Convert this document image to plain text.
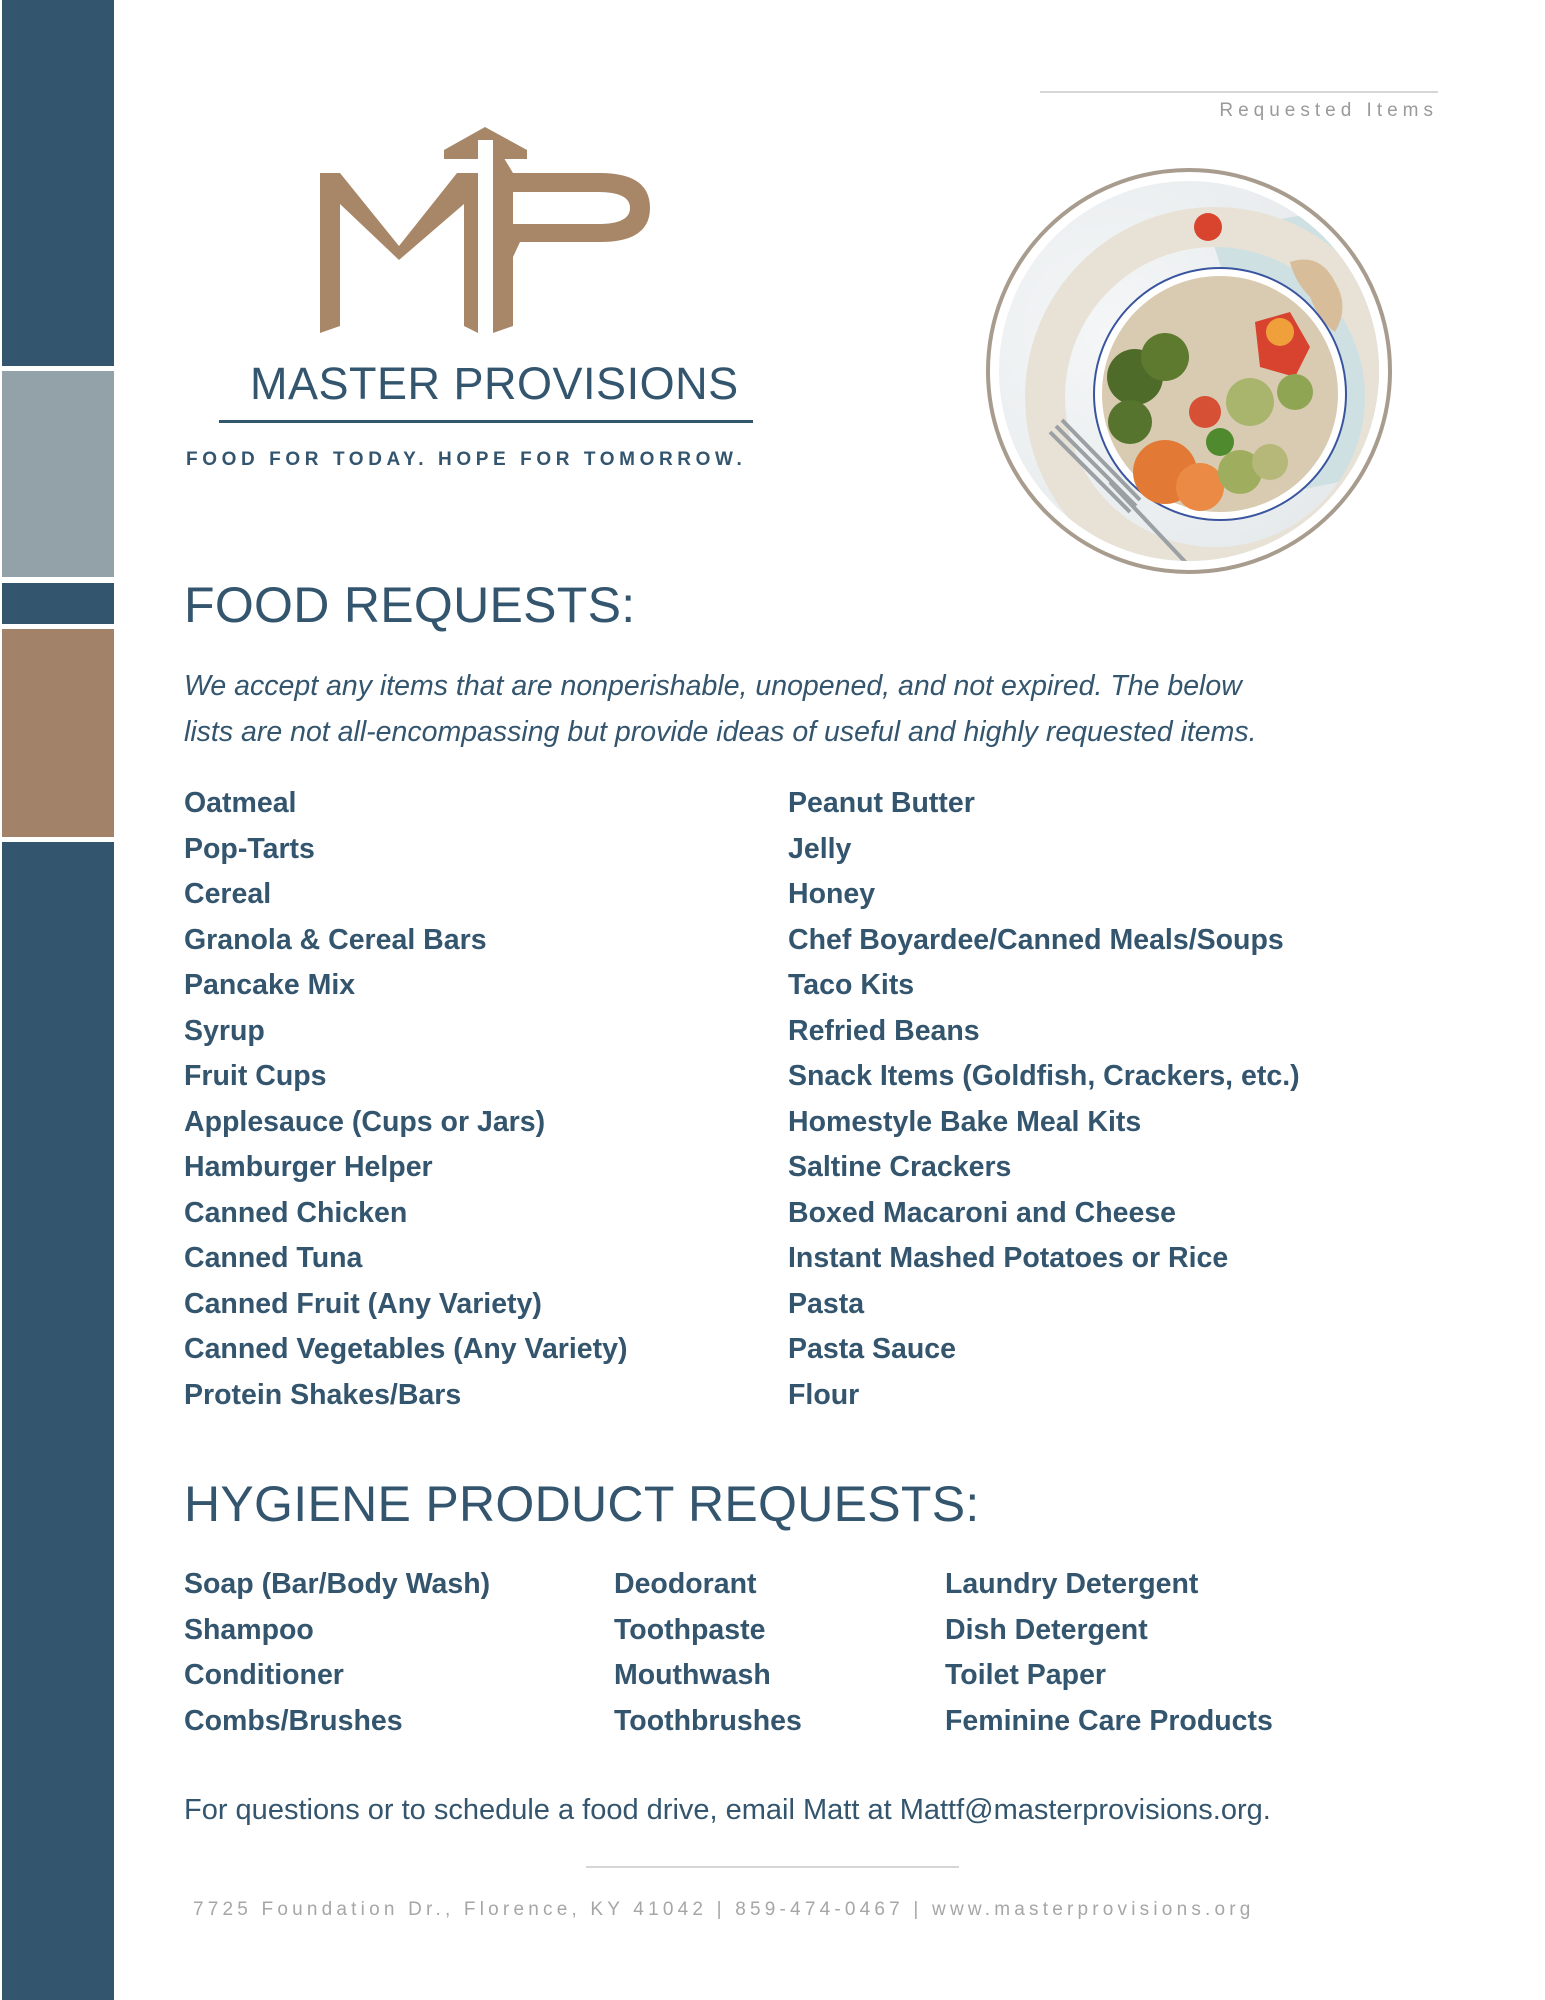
Requested Items
MASTER PROVISIONS
FOOD FOR TODAY. HOPE FOR TOMORROW.
FOOD REQUESTS:
We accept any items that are nonperishable, unopened, and not expired. The below
lists are not all-encompassing but provide ideas of useful and highly requested items.
Oatmeal
Pop-Tarts
Cereal
Granola & Cereal Bars
Pancake Mix
Syrup
Fruit Cups
Applesauce (Cups or Jars)
Hamburger Helper
Canned Chicken
Canned Tuna
Canned Fruit (Any Variety)
Canned Vegetables (Any Variety)
Protein Shakes/Bars
Peanut Butter
Jelly
Honey
Chef Boyardee/Canned Meals/Soups
Taco Kits
Refried Beans
Snack Items (Goldfish, Crackers, etc.)
Homestyle Bake Meal Kits
Saltine Crackers
Boxed Macaroni and Cheese
Instant Mashed Potatoes or Rice
Pasta
Pasta Sauce
Flour
HYGIENE PRODUCT REQUESTS:
Soap (Bar/Body Wash)
Shampoo
Conditioner
Combs/Brushes
Deodorant
Toothpaste
Mouthwash
Toothbrushes
Laundry Detergent
Dish Detergent
Toilet Paper
Feminine Care Products
For questions or to schedule a food drive, email Matt at Mattf@masterprovisions.org.
7725 Foundation Dr., Florence, KY 41042 | 859-474-0467 | www.masterprovisions.org
